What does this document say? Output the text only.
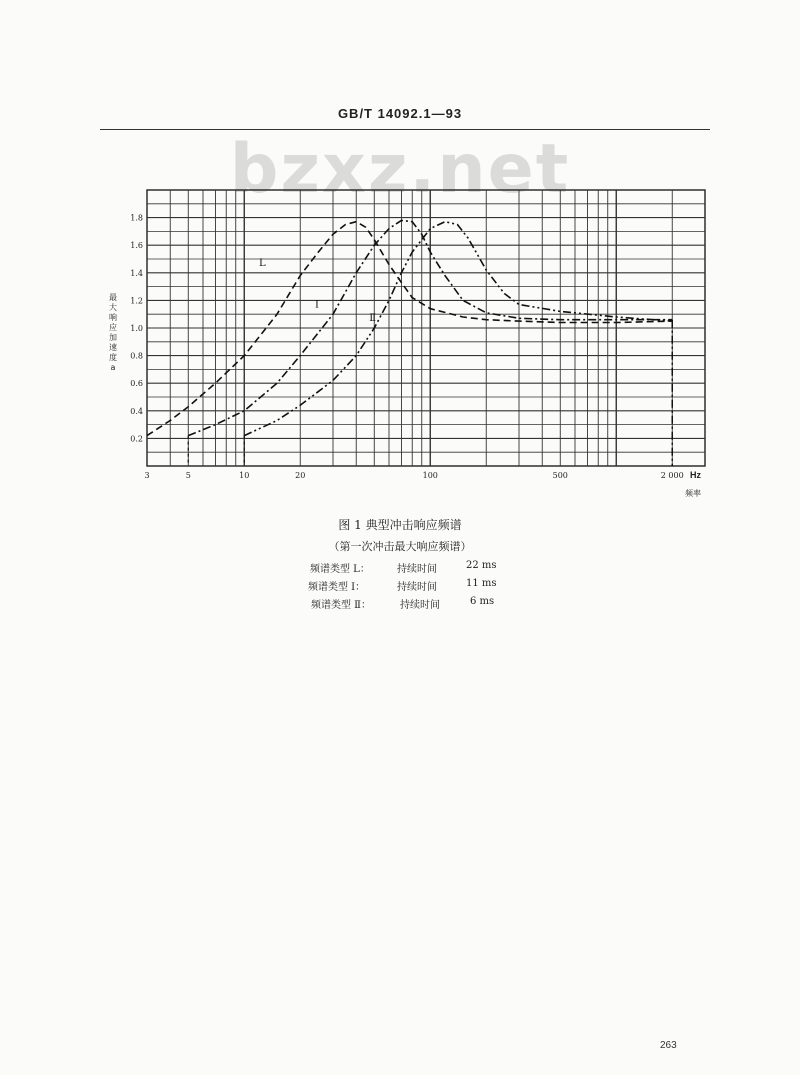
GB/T 14092.1—93
bzxz.net
3	5	10	20	100	500	2 000
0.2
0.4
0.6
0.8
1.0
1.2
1.4
1.6
1.8
Hz
频率
最大响应加速度 a
L
Ⅰ
Ⅱ
图 1 典型冲击响应频谱
（第一次冲击最大响应频谱）
频谱类型 L：	持续时间	22 ms
频谱类型 Ⅰ：	持续时间	11 ms
频谱类型 Ⅱ：	持续时间	6 ms
263
